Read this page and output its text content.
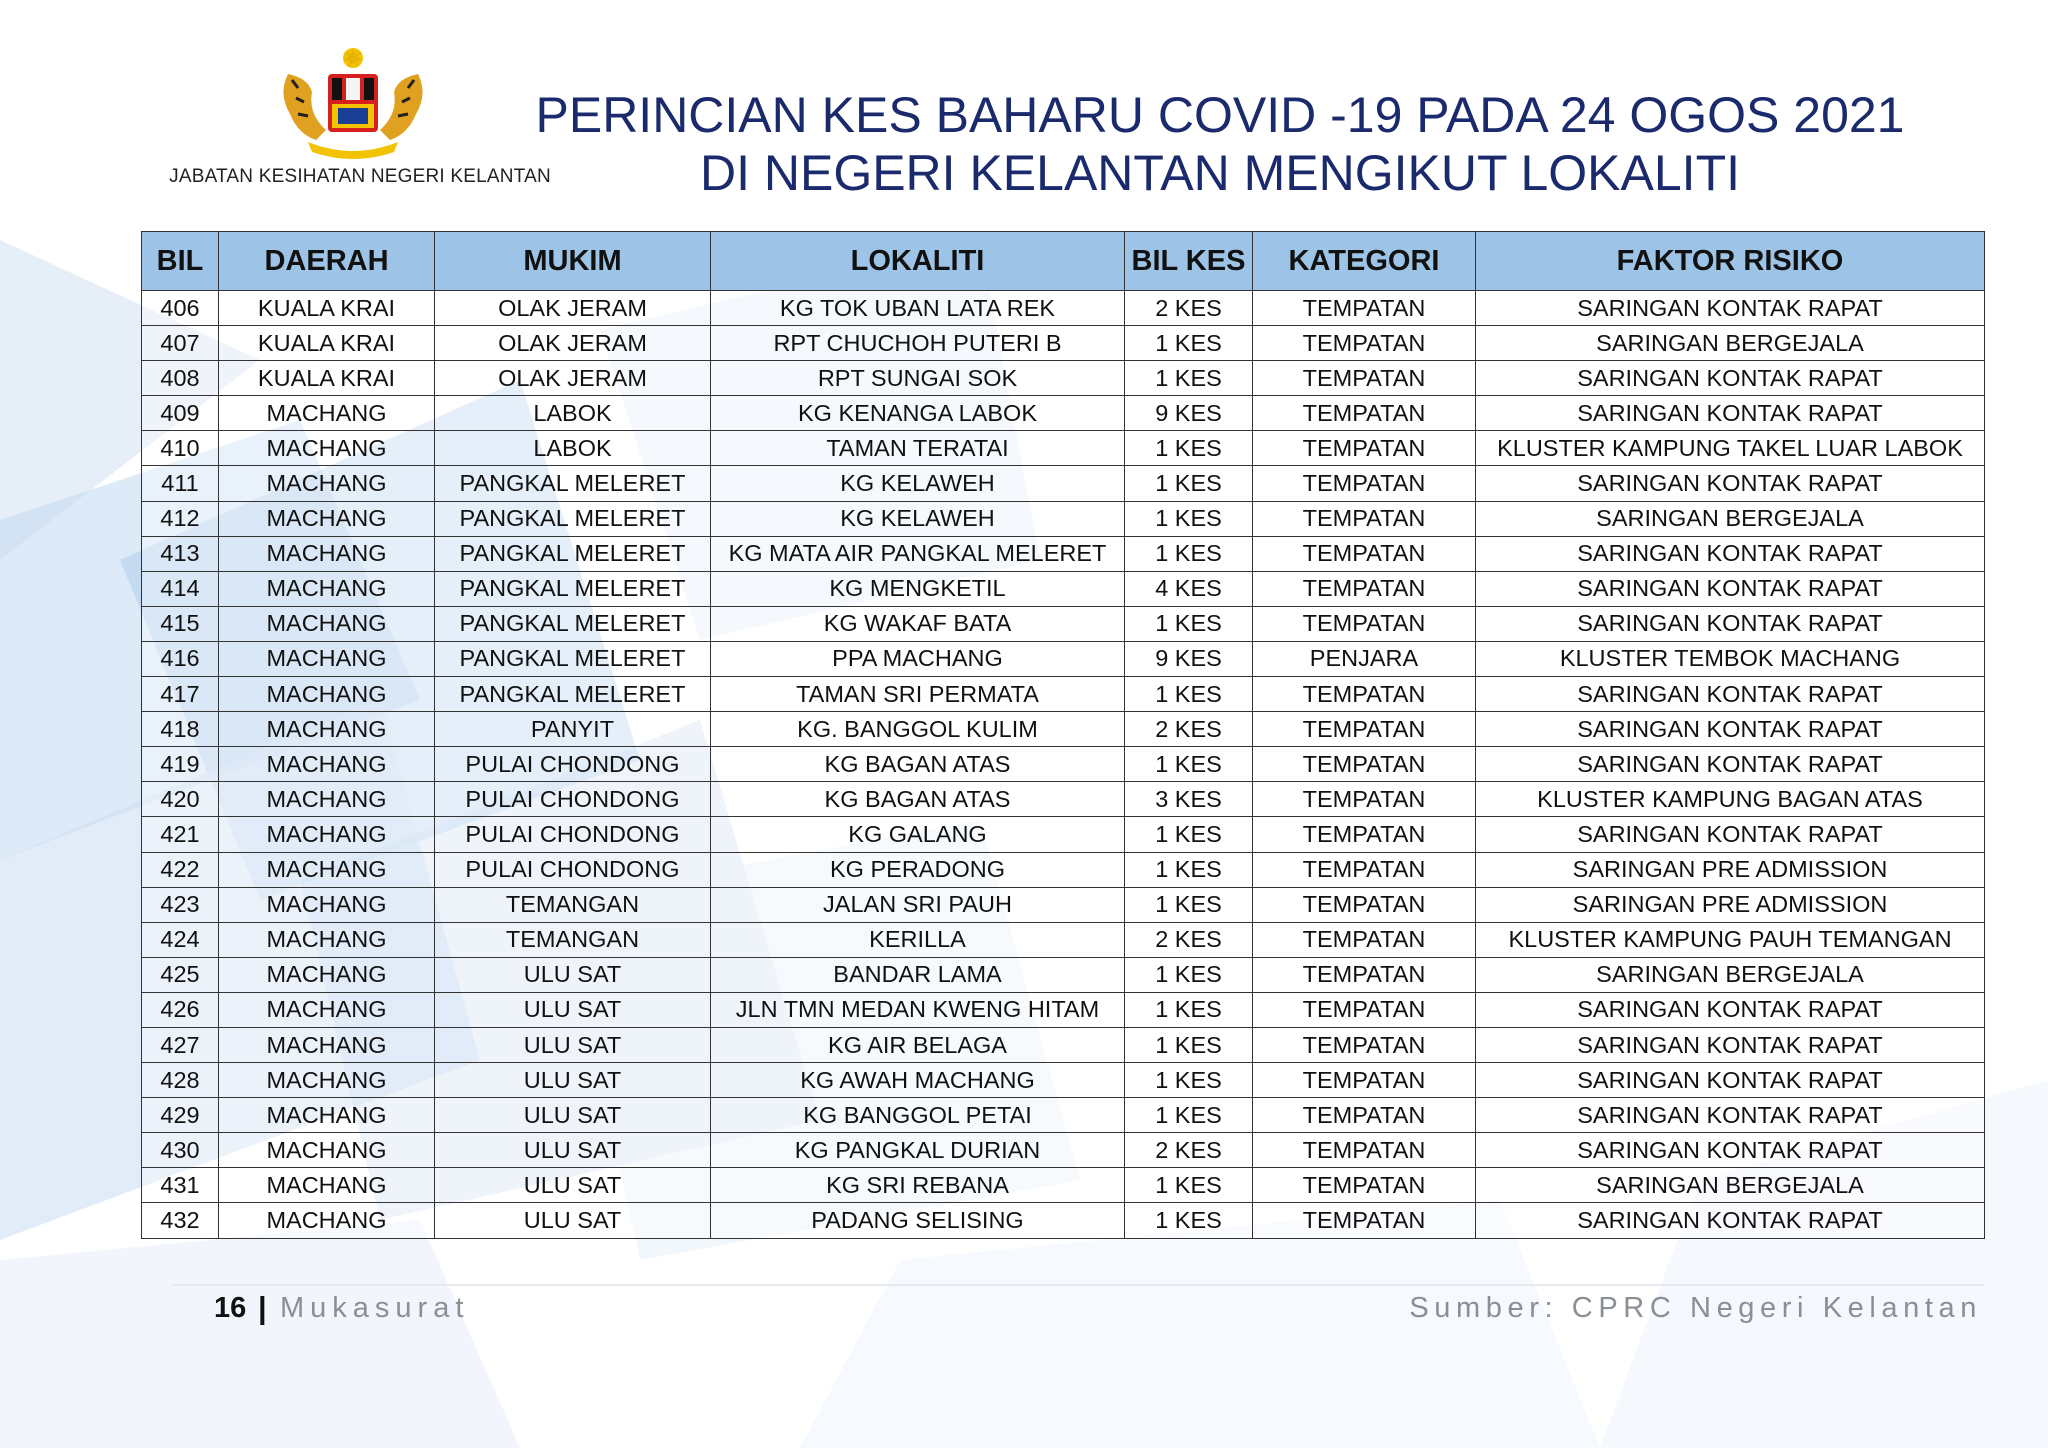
JABATAN KESIHATAN NEGERI KELANTAN
PERINCIAN KES BAHARU COVID -19 PADA 24 OGOS 2021
DI NEGERI KELANTAN MENGIKUT LOKALITI
BIL	DAERAH	MUKIM	LOKALITI	BIL KES	KATEGORI	FAKTOR RISIKO
406	KUALA KRAI	OLAK JERAM	KG TOK UBAN LATA REK	2 KES	TEMPATAN	SARINGAN KONTAK RAPAT
407	KUALA KRAI	OLAK JERAM	RPT CHUCHOH PUTERI B	1 KES	TEMPATAN	SARINGAN BERGEJALA
408	KUALA KRAI	OLAK JERAM	RPT SUNGAI SOK	1 KES	TEMPATAN	SARINGAN KONTAK RAPAT
409	MACHANG	LABOK	KG KENANGA LABOK	9 KES	TEMPATAN	SARINGAN KONTAK RAPAT
410	MACHANG	LABOK	TAMAN TERATAI	1 KES	TEMPATAN	KLUSTER KAMPUNG TAKEL LUAR LABOK
411	MACHANG	PANGKAL MELERET	KG KELAWEH	1 KES	TEMPATAN	SARINGAN KONTAK RAPAT
412	MACHANG	PANGKAL MELERET	KG KELAWEH	1 KES	TEMPATAN	SARINGAN BERGEJALA
413	MACHANG	PANGKAL MELERET	KG MATA AIR PANGKAL MELERET	1 KES	TEMPATAN	SARINGAN KONTAK RAPAT
414	MACHANG	PANGKAL MELERET	KG MENGKETIL	4 KES	TEMPATAN	SARINGAN KONTAK RAPAT
415	MACHANG	PANGKAL MELERET	KG WAKAF BATA	1 KES	TEMPATAN	SARINGAN KONTAK RAPAT
416	MACHANG	PANGKAL MELERET	PPA MACHANG	9 KES	PENJARA	KLUSTER TEMBOK MACHANG
417	MACHANG	PANGKAL MELERET	TAMAN SRI PERMATA	1 KES	TEMPATAN	SARINGAN KONTAK RAPAT
418	MACHANG	PANYIT	KG. BANGGOL KULIM	2 KES	TEMPATAN	SARINGAN KONTAK RAPAT
419	MACHANG	PULAI CHONDONG	KG BAGAN ATAS	1 KES	TEMPATAN	SARINGAN KONTAK RAPAT
420	MACHANG	PULAI CHONDONG	KG BAGAN ATAS	3 KES	TEMPATAN	KLUSTER KAMPUNG BAGAN ATAS
421	MACHANG	PULAI CHONDONG	KG GALANG	1 KES	TEMPATAN	SARINGAN KONTAK RAPAT
422	MACHANG	PULAI CHONDONG	KG PERADONG	1 KES	TEMPATAN	SARINGAN PRE ADMISSION
423	MACHANG	TEMANGAN	JALAN SRI PAUH	1 KES	TEMPATAN	SARINGAN PRE ADMISSION
424	MACHANG	TEMANGAN	KERILLA	2 KES	TEMPATAN	KLUSTER KAMPUNG PAUH TEMANGAN
425	MACHANG	ULU SAT	BANDAR LAMA	1 KES	TEMPATAN	SARINGAN BERGEJALA
426	MACHANG	ULU SAT	JLN TMN MEDAN KWENG HITAM	1 KES	TEMPATAN	SARINGAN KONTAK RAPAT
427	MACHANG	ULU SAT	KG AIR BELAGA	1 KES	TEMPATAN	SARINGAN KONTAK RAPAT
428	MACHANG	ULU SAT	KG AWAH MACHANG	1 KES	TEMPATAN	SARINGAN KONTAK RAPAT
429	MACHANG	ULU SAT	KG BANGGOL PETAI	1 KES	TEMPATAN	SARINGAN KONTAK RAPAT
430	MACHANG	ULU SAT	KG PANGKAL DURIAN	2 KES	TEMPATAN	SARINGAN KONTAK RAPAT
431	MACHANG	ULU SAT	KG SRI REBANA	1 KES	TEMPATAN	SARINGAN BERGEJALA
432	MACHANG	ULU SAT	PADANG SELISING	1 KES	TEMPATAN	SARINGAN KONTAK RAPAT
16 | Mukasurat	Sumber: CPRC Negeri Kelantan
